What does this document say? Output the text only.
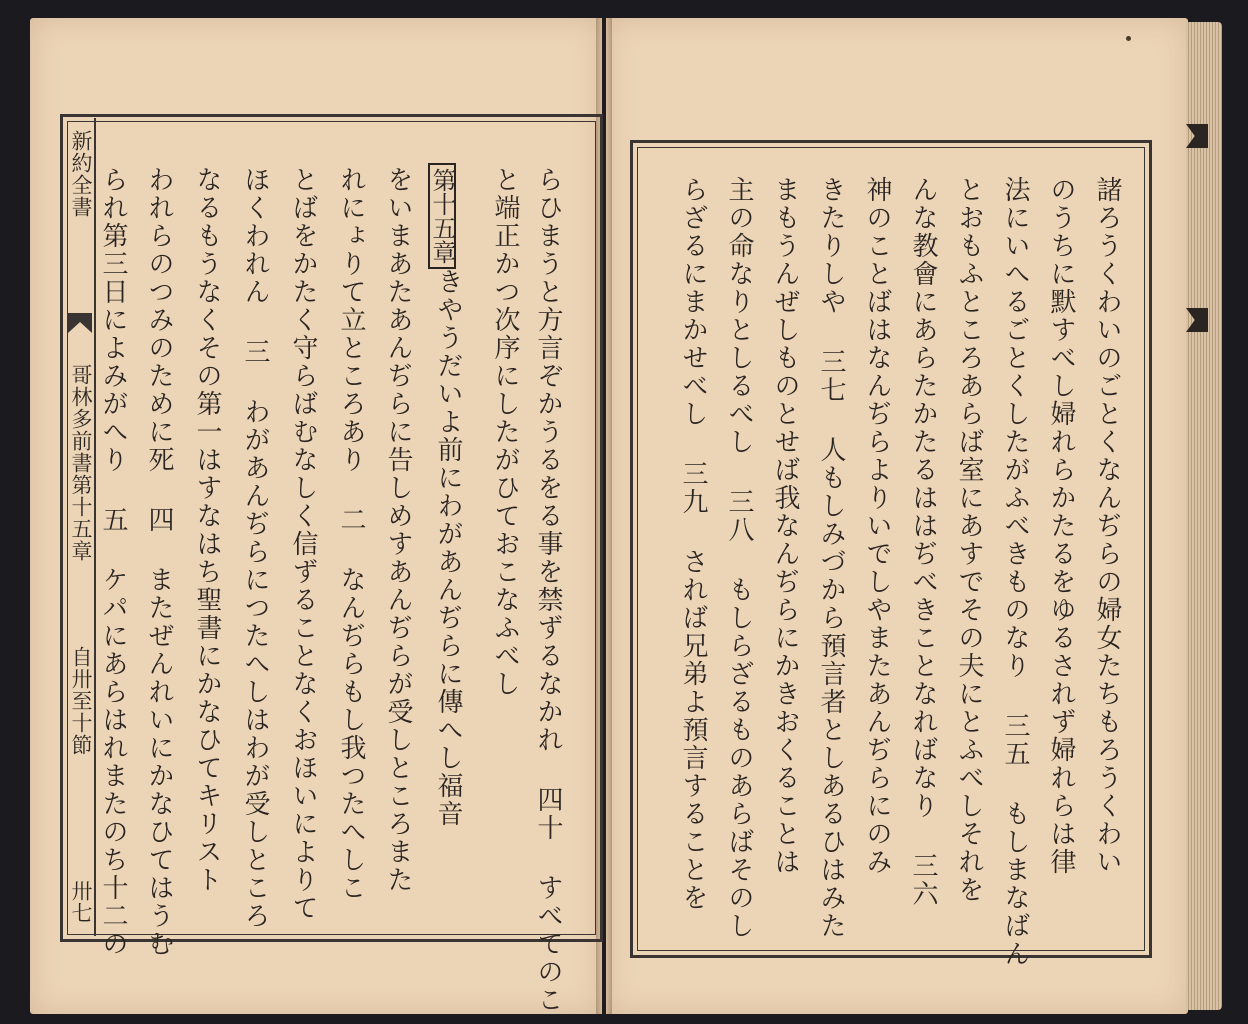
新約全書
哥林多前書第十五章
自卅至十節
卅七
第十五章	らひまうと方言ぞかうるをる事を禁ずるなかれ 四十 すべてのこ
と端正かつ次序にしたがひておこなふべし
きやうだいよ前にわがあんぢらに傳へし福音
をいまあたあんぢらに告しめすあんぢらが受しところまた
れにょりて立ところあり 二 なんぢらもし我つたへしこ
とばをかたく守らばむなしく信ずることなくおほいによりて
ほくわれん 三 わがあんぢらにつたへしはわが受しところ
なるもうなくその第一はすなはち聖書にかなひてキリスト
われらのつみのために死 四 またぜんれいにかなひてはうむ
られ第三日によみがへり 五 ケパにあらはれまたのち十二の	諸ろうくわいのごとくなんぢらの婦女たちもろうくわい
のうちに默すべし婦れらかたるをゆるされず婦れらは律
法にいへるごとくしたがふべきものなり 三五 もしまなばん
とおもふところあらば室にあすでその夫にとふべしそれを
んな教會にあらたかたるははぢべきことなればなり 三六
神のことばはなんぢらよりいでしやまたあんぢらにのみ
きたりしや 三七 人もしみづから預言者としあるひはみた
まもうんぜしものとせば我なんぢらにかきおくることは
主の命なりとしるべし 三八 もしらざるものあらばそのし
らざるにまかせべし 三九 されば兄弟よ預言することを
